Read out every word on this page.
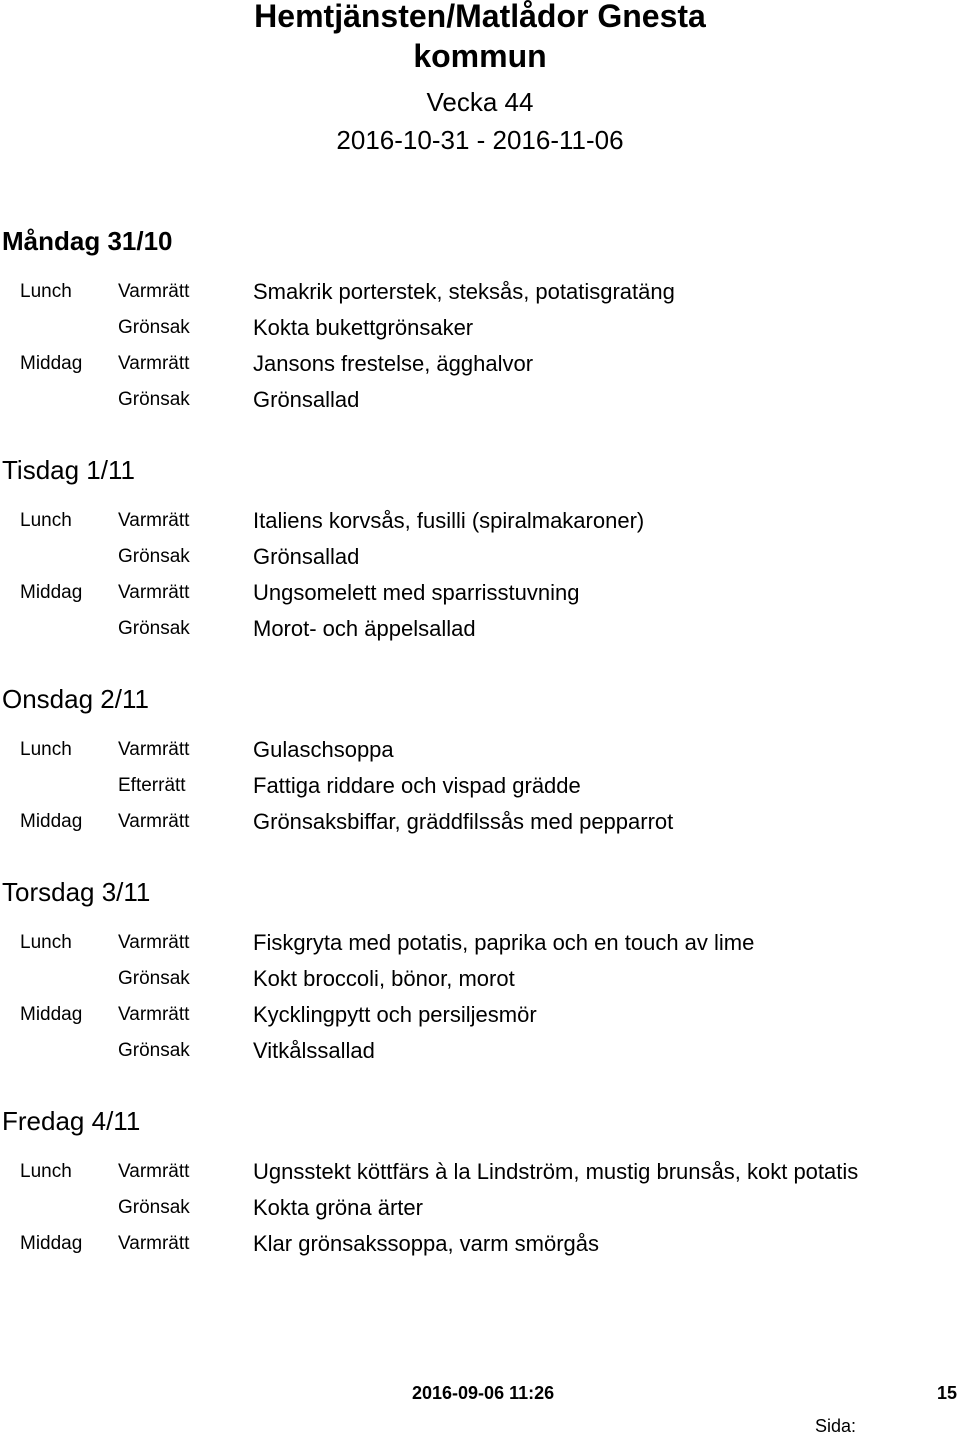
Hemtjänsten/Matlådor Gnesta
kommun
Vecka 44
2016-10-31 - 2016-11-06
Måndag 31/10
Lunch Varmrätt	Smakrik porterstek, steksås, potatisgratäng
Grönsak	Kokta bukettgrönsaker
Middag Varmrätt	Jansons frestelse, ägghalvor
Grönsak	Grönsallad
Tisdag 1/11
Lunch Varmrätt	Italiens korvsås, fusilli (spiralmakaroner)
Grönsak	Grönsallad
Middag Varmrätt	Ungsomelett med sparrisstuvning
Grönsak	Morot- och äppelsallad
Onsdag 2/11
Lunch Varmrätt	Gulaschsoppa
Efterrätt	Fattiga riddare och vispad grädde
Middag Varmrätt	Grönsaksbiffar, gräddfilssås med pepparrot
Torsdag 3/11
Lunch Varmrätt	Fiskgryta med potatis, paprika och en touch av lime
Grönsak	Kokt broccoli, bönor, morot
Middag Varmrätt	Kycklingpytt och persiljesmör
Grönsak	Vitkålssallad
Fredag 4/11
Lunch Varmrätt	Ugnsstekt köttfärs à la Lindström, mustig brunsås, kokt potatis
Grönsak	Kokta gröna ärter
Middag Varmrätt	Klar grönsakssoppa, varm smörgås
2016-09-06 11:26	15
Sida:
